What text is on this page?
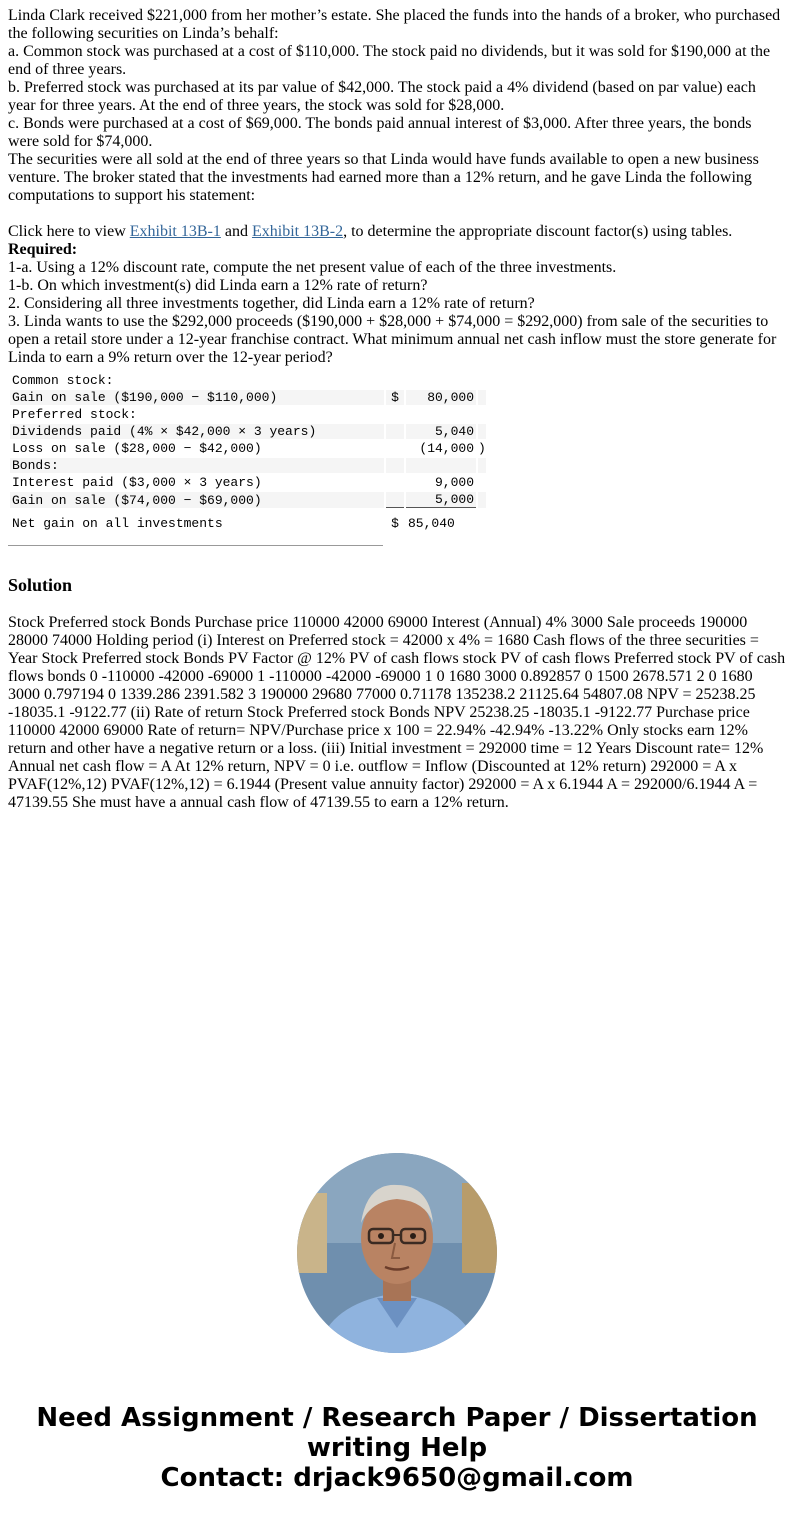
Linda Clark received $221,000 from her mother’s estate. She placed the funds into the hands of a broker, who purchased the following securities on Linda’s behalf:

a. Common stock was purchased at a cost of $110,000. The stock paid no dividends, but it was sold for $190,000 at the end of three years.

b. Preferred stock was purchased at its par value of $42,000. The stock paid a 4% dividend (based on par value) each year for three years. At the end of three years, the stock was sold for $28,000.

c. Bonds were purchased at a cost of $69,000. The bonds paid annual interest of $3,000. After three years, the bonds were sold for $74,000.

The securities were all sold at the end of three years so that Linda would have funds available to open a new business venture. The broker stated that the investments had earned more than a 12% return, and he gave Linda the following computations to support his statement:

Click here to view Exhibit 13B-1 and Exhibit 13B-2, to determine the appropriate discount factor(s) using tables.

Required:

1-a. Using a 12% discount rate, compute the net present value of each of the three investments.

1-b. On which investment(s) did Linda earn a 12% rate of return?

2. Considering all three investments together, did Linda earn a 12% rate of return?

3. Linda wants to use the $292,000 proceeds ($190,000 + $28,000 + $74,000 = $292,000) from sale of the securities to open a retail store under a 12-year franchise contract. What minimum annual net cash inflow must the store generate for Linda to earn a 9% return over the 12-year period?

Common stock:			
Gain on sale ($190,000 − $110,000)	$	80,000	
Preferred stock:			
Dividends paid (4% × $42,000 × 3 years)		5,040	
Loss on sale ($28,000 − $42,000)		(14,000	)
Bonds:			
Interest paid ($3,000 × 3 years)		9,000	
Gain on sale ($74,000 − $69,000)		5,000	
Net gain on all investments	$	85,040	
Solution

Stock Preferred stock Bonds Purchase price 110000 42000 69000 Interest (Annual) 4% 3000 Sale proceeds 190000 28000 74000 Holding period (i) Interest on Preferred stock = 42000 x 4% = 1680 Cash flows of the three securities = Year Stock Preferred stock Bonds PV Factor @ 12% PV of cash flows stock PV of cash flows Preferred stock PV of cash flows bonds 0 -110000 -42000 -69000 1 -110000 -42000 -69000 1 0 1680 3000 0.892857 0 1500 2678.571 2 0 1680 3000 0.797194 0 1339.286 2391.582 3 190000 29680 77000 0.71178 135238.2 21125.64 54807.08 NPV = 25238.25 -18035.1 -9122.77 (ii) Rate of return Stock Preferred stock Bonds NPV 25238.25 -18035.1 -9122.77 Purchase price 110000 42000 69000 Rate of return= NPV/Purchase price x 100 = 22.94% -42.94% -13.22% Only stocks earn 12% return and other have a negative return or a loss. (iii) Initial investment = 292000 time = 12 Years Discount rate= 12% Annual net cash flow = A At 12% return, NPV = 0 i.e. outflow = Inflow (Discounted at 12% return) 292000 = A x PVAF(12%,12) PVAF(12%,12) = 6.1944 (Present value annuity factor) 292000 = A x 6.1944 A = 292000/6.1944 A = 47139.55 She must have a annual cash flow of 47139.55 to earn a 12% return.

Need Assignment / Research Paper / Dissertation
writing Help
Contact: drjack9650@gmail.com
